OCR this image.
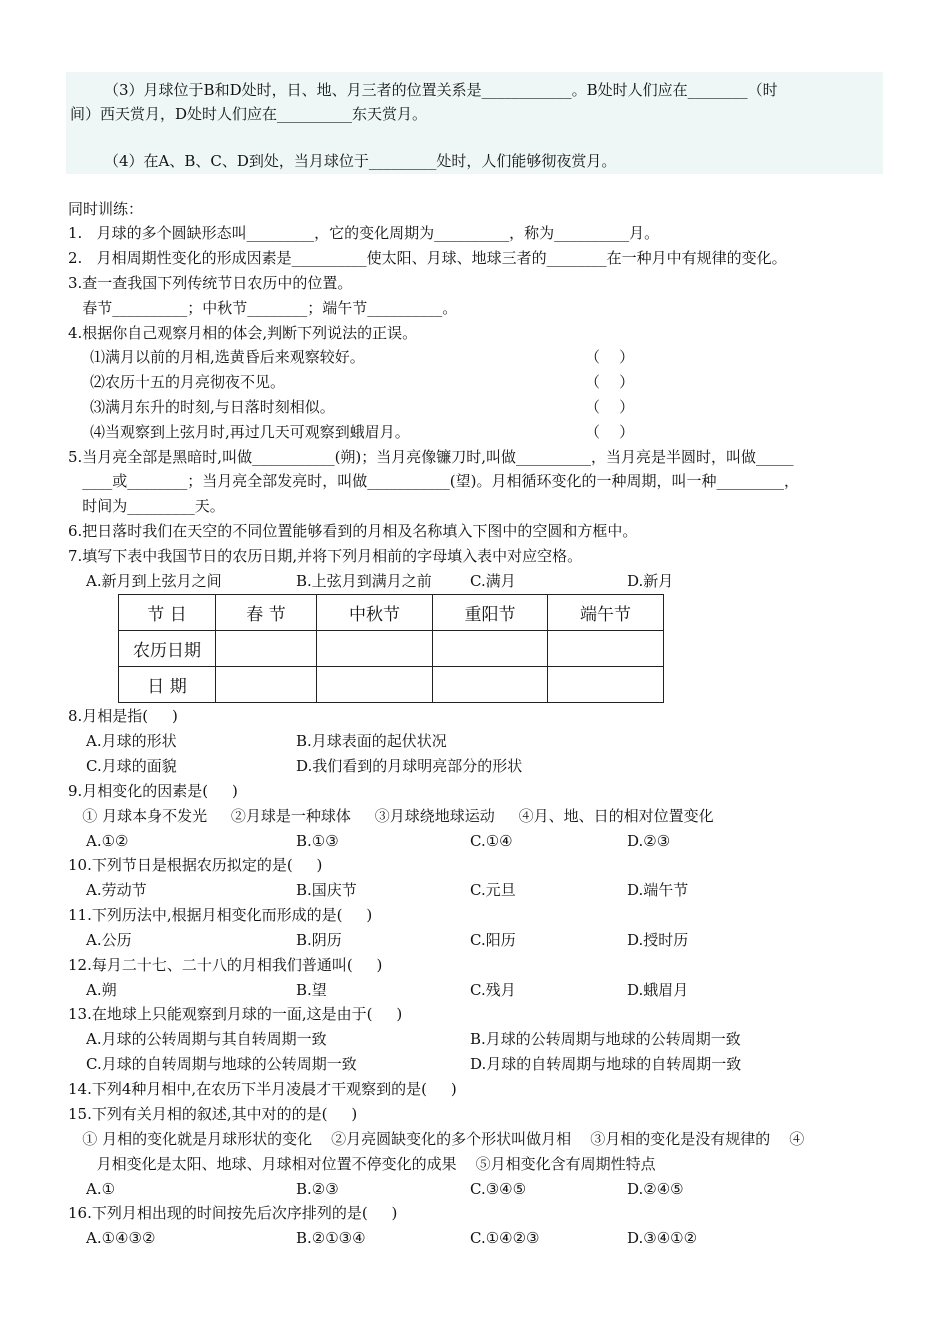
（3）月球位于B和D处时，日、地、月三者的位置关系是____________。B处时人们应在________（时
间）西天赏月，D处时人们应在__________东天赏月。
（4）在A、B、C、D到处，当月球位于_________处时，人们能够彻夜赏月。
同时训练：
1.   月球的多个圆缺形态叫_________，它的变化周期为__________，称为__________月。
2.   月相周期性变化的形成因素是__________使太阳、月球、地球三者的________在一种月中有规律的变化。
3.查一查我国下列传统节日农历中的位置。
春节__________；中秋节________；端午节__________。
4.根据你自己观察月相的体会,判断下列说法的正误。
⑴满月以前的月相,选黄昏后来观察较好。	（    ）
⑵农历十五的月亮彻夜不见。	（    ）
⑶满月东升的时刻,与日落时刻相似。	（    ）
⑷当观察到上弦月时,再过几天可观察到蛾眉月。	（    ）
5.当月亮全部是黑暗时,叫做___________(朔)；当月亮像镰刀时,叫做__________，当月亮是半圆时，叫做_____
____或________；当月亮全部发亮时，叫做___________(望)。月相循环变化的一种周期，叫一种_________，
时间为_________天。
6.把日落时我们在天空的不同位置能够看到的月相及名称填入下图中的空圆和方框中。
7.填写下表中我国节日的农历日期,并将下列月相前的字母填入表中对应空格。
A.新月到上弦月之间	B.上弦月到满月之前	C.满月	D.新月
节 日	春 节	中秋节	重阳节	端午节
农历日期				
日 期				
8.月相是指(     )
A.月球的形状	B.月球表面的起伏状况
C.月球的面貌	D.我们看到的月球明亮部分的形状
9.月相变化的因素是(     )
① 月球本身不发光     ②月球是一种球体     ③月球绕地球运动     ④月、地、日的相对位置变化
A.①②	B.①③	C.①④	D.②③
10.下列节日是根据农历拟定的是(     )
A.劳动节	B.国庆节	C.元旦	D.端午节
11.下列历法中,根据月相变化而形成的是(     )
A.公历	B.阴历	C.阳历	D.授时历
12.每月二十七、二十八的月相我们普通叫(     )
A.朔	B.望	C.残月	D.蛾眉月
13.在地球上只能观察到月球的一面,这是由于(     )
A.月球的公转周期与其自转周期一致	B.月球的公转周期与地球的公转周期一致
C.月球的自转周期与地球的公转周期一致	D.月球的自转周期与地球的自转周期一致
14.下列4种月相中,在农历下半月凌晨才干观察到的是(     )
15.下列有关月相的叙述,其中对的的是(     )
① 月相的变化就是月球形状的变化    ②月亮圆缺变化的多个形状叫做月相    ③月相的变化是没有规律的    ④
月相变化是太阳、地球、月球相对位置不停变化的成果    ⑤月相变化含有周期性特点
A.①	B.②③	C.③④⑤	D.②④⑤
16.下列月相出现的时间按先后次序排列的是(     )
A.①④③②	B.②①③④	C.①④②③	D.③④①②
